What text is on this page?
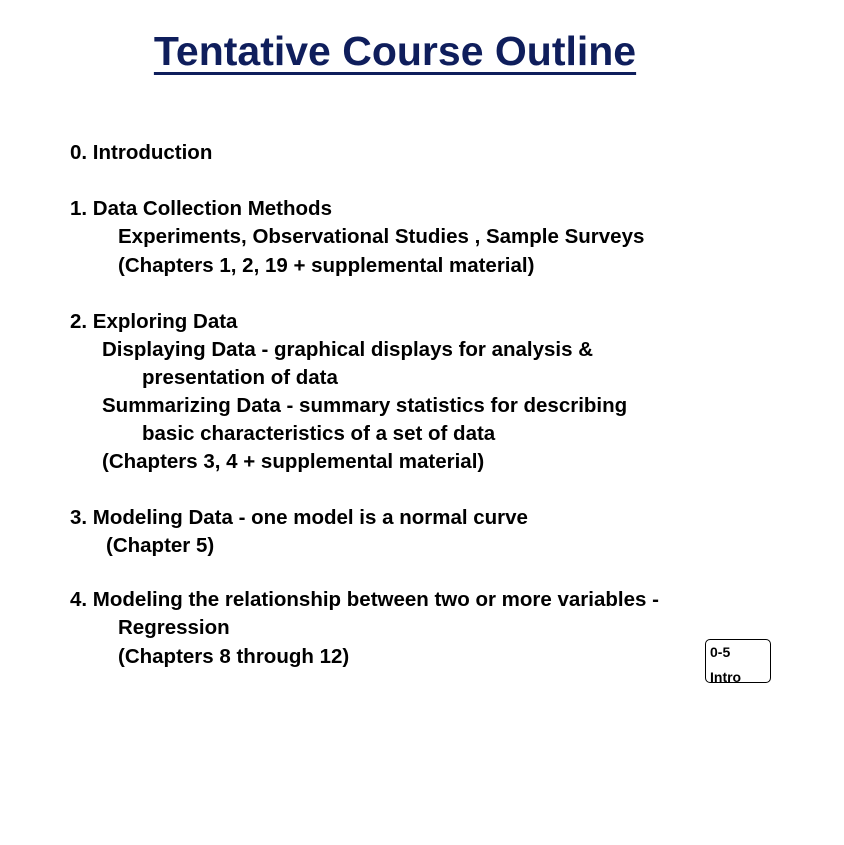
Tentative Course Outline
0. Introduction
1. Data Collection Methods
Experiments, Observational Studies , Sample Surveys
(Chapters 1, 2, 19 + supplemental material)
2. Exploring Data
Displaying Data - graphical displays for analysis &
presentation of data
Summarizing Data - summary statistics for describing
basic characteristics of a set of data
(Chapters 3, 4 + supplemental material)
3. Modeling Data - one model is a normal curve
(Chapter 5)
4. Modeling the relationship between two or more variables -
Regression
(Chapters 8 through 12)	0-5
Intro
